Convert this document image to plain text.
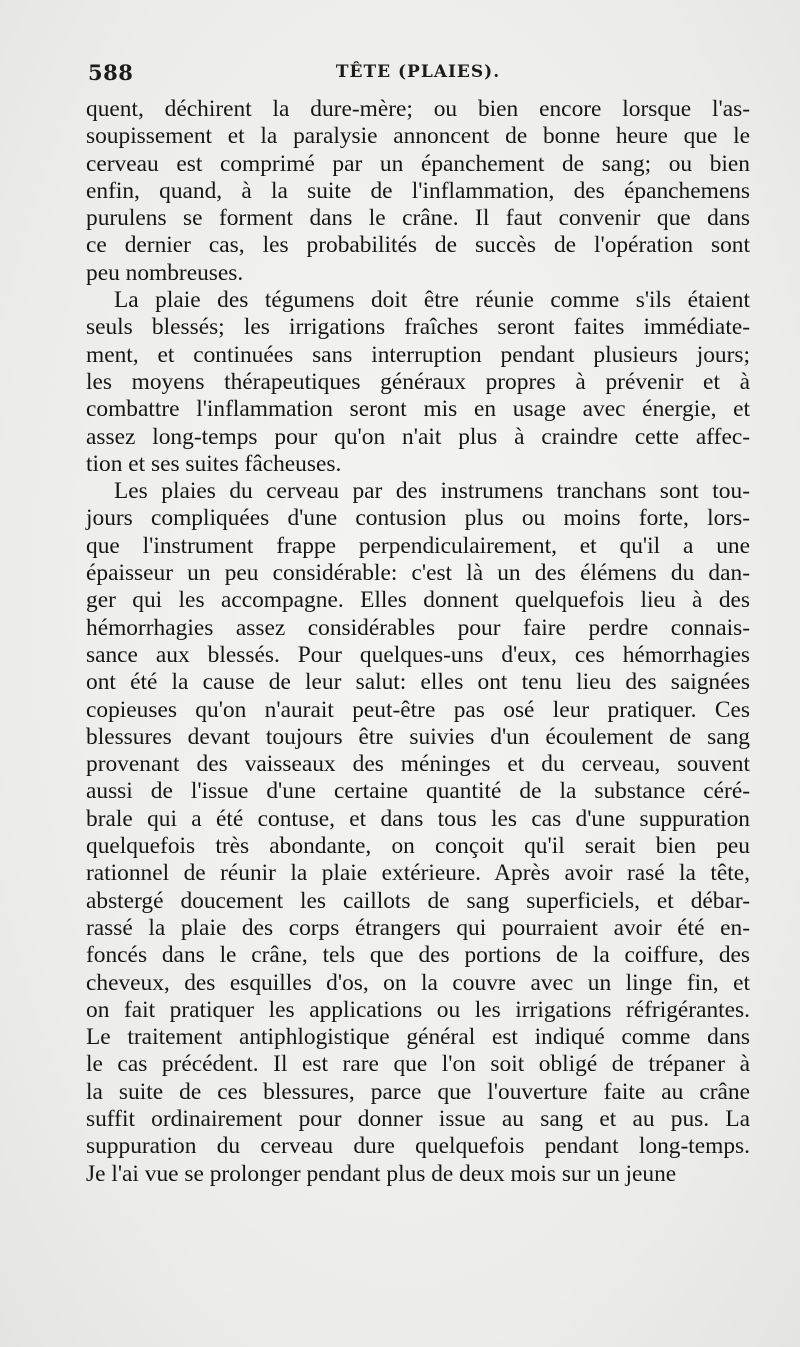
588	TÊTE (PLAIES).
quent, déchirent la dure-mère; ou bien encore lorsque l'as-
soupissement et la paralysie annoncent de bonne heure que le
cerveau est comprimé par un épanchement de sang; ou bien
enfin, quand, à la suite de l'inflammation, des épanchemens
purulens se forment dans le crâne. Il faut convenir que dans
ce dernier cas, les probabilités de succès de l'opération sont
peu nombreuses.
La plaie des tégumens doit être réunie comme s'ils étaient
seuls blessés; les irrigations fraîches seront faites immédiate-
ment, et continuées sans interruption pendant plusieurs jours;
les moyens thérapeutiques généraux propres à prévenir et à
combattre l'inflammation seront mis en usage avec énergie, et
assez long-temps pour qu'on n'ait plus à craindre cette affec-
tion et ses suites fâcheuses.
Les plaies du cerveau par des instrumens tranchans sont tou-
jours compliquées d'une contusion plus ou moins forte, lors-
que l'instrument frappe perpendiculairement, et qu'il a une
épaisseur un peu considérable: c'est là un des élémens du dan-
ger qui les accompagne. Elles donnent quelquefois lieu à des
hémorrhagies assez considérables pour faire perdre connais-
sance aux blessés. Pour quelques-uns d'eux, ces hémorrhagies
ont été la cause de leur salut: elles ont tenu lieu des saignées
copieuses qu'on n'aurait peut-être pas osé leur pratiquer. Ces
blessures devant toujours être suivies d'un écoulement de sang
provenant des vaisseaux des méninges et du cerveau, souvent
aussi de l'issue d'une certaine quantité de la substance céré-
brale qui a été contuse, et dans tous les cas d'une suppuration
quelquefois très abondante, on conçoit qu'il serait bien peu
rationnel de réunir la plaie extérieure. Après avoir rasé la tête,
abstergé doucement les caillots de sang superficiels, et débar-
rassé la plaie des corps étrangers qui pourraient avoir été en-
foncés dans le crâne, tels que des portions de la coiffure, des
cheveux, des esquilles d'os, on la couvre avec un linge fin, et
on fait pratiquer les applications ou les irrigations réfrigérantes.
Le traitement antiphlogistique général est indiqué comme dans
le cas précédent. Il est rare que l'on soit obligé de trépaner à
la suite de ces blessures, parce que l'ouverture faite au crâne
suffit ordinairement pour donner issue au sang et au pus. La
suppuration du cerveau dure quelquefois pendant long-temps.
Je l'ai vue se prolonger pendant plus de deux mois sur un jeune
